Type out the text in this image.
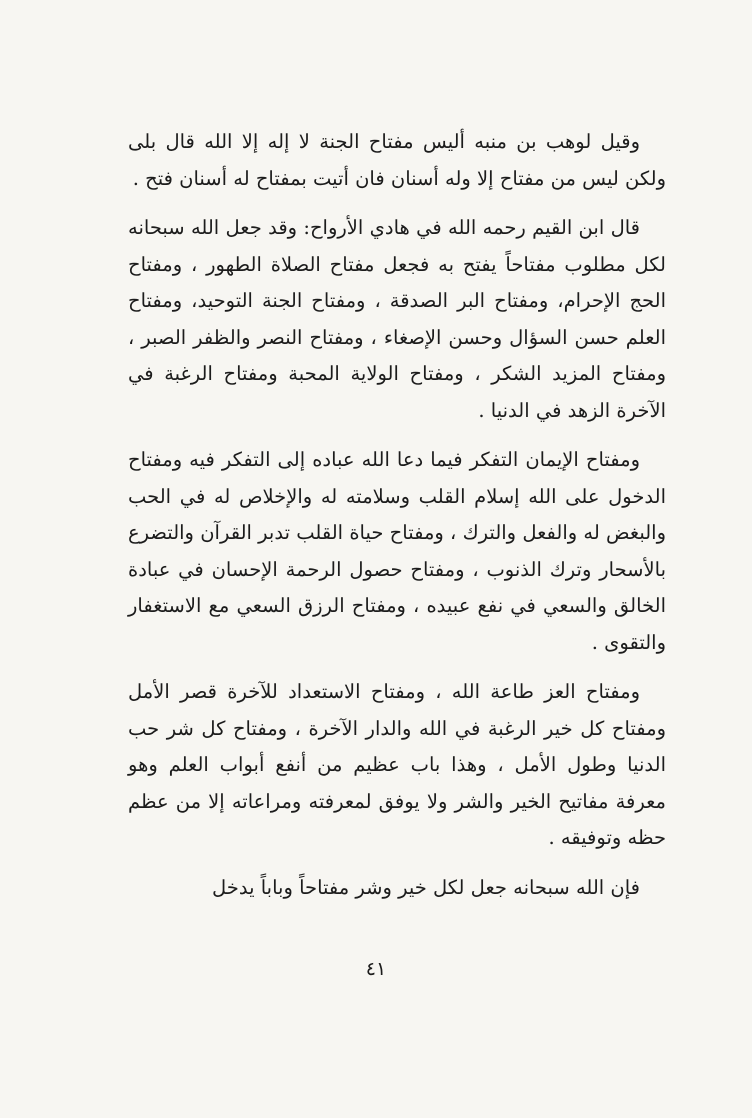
وقيل لوهب بن منبه أليس مفتاح الجنة لا إله إلا الله قال بلى ولكن ليس من مفتاح إلا وله أسنان فان أتيت بمفتاح له أسنان فتح .

قال ابن القيم رحمه الله في هادي الأرواح: وقد جعل الله سبحانه لكل مطلوب مفتاحاً يفتح به فجعل مفتاح الصلاة الطهور ، ومفتاح الحج الإحرام، ومفتاح البر الصدقة ، ومفتاح الجنة التوحيد، ومفتاح العلم حسن السؤال وحسن الإصغاء ، ومفتاح النصر والظفر الصبر ، ومفتاح المزيد الشكر ، ومفتاح الولاية المحبة ومفتاح الرغبة في الآخرة الزهد في الدنيا .

ومفتاح الإيمان التفكر فيما دعا الله عباده إلى التفكر فيه ومفتاح الدخول على الله إسلام القلب وسلامته له والإخلاص له في الحب والبغض له والفعل والترك ، ومفتاح حياة القلب تدبر القرآن والتضرع بالأسحار وترك الذنوب ، ومفتاح حصول الرحمة الإحسان في عبادة الخالق والسعي في نفع عبيده ، ومفتاح الرزق السعي مع الاستغفار والتقوى .

ومفتاح العز طاعة الله ، ومفتاح الاستعداد للآخرة قصر الأمل ومفتاح كل خير الرغبة في الله والدار الآخرة ، ومفتاح كل شر حب الدنيا وطول الأمل ، وهذا باب عظيم من أنفع أبواب العلم وهو معرفة مفاتيح الخير والشر ولا يوفق لمعرفته ومراعاته إلا من عظم حظه وتوفيقه .

فإن الله سبحانه جعل لكل خير وشر مفتاحاً وباباً يدخل

٤١
